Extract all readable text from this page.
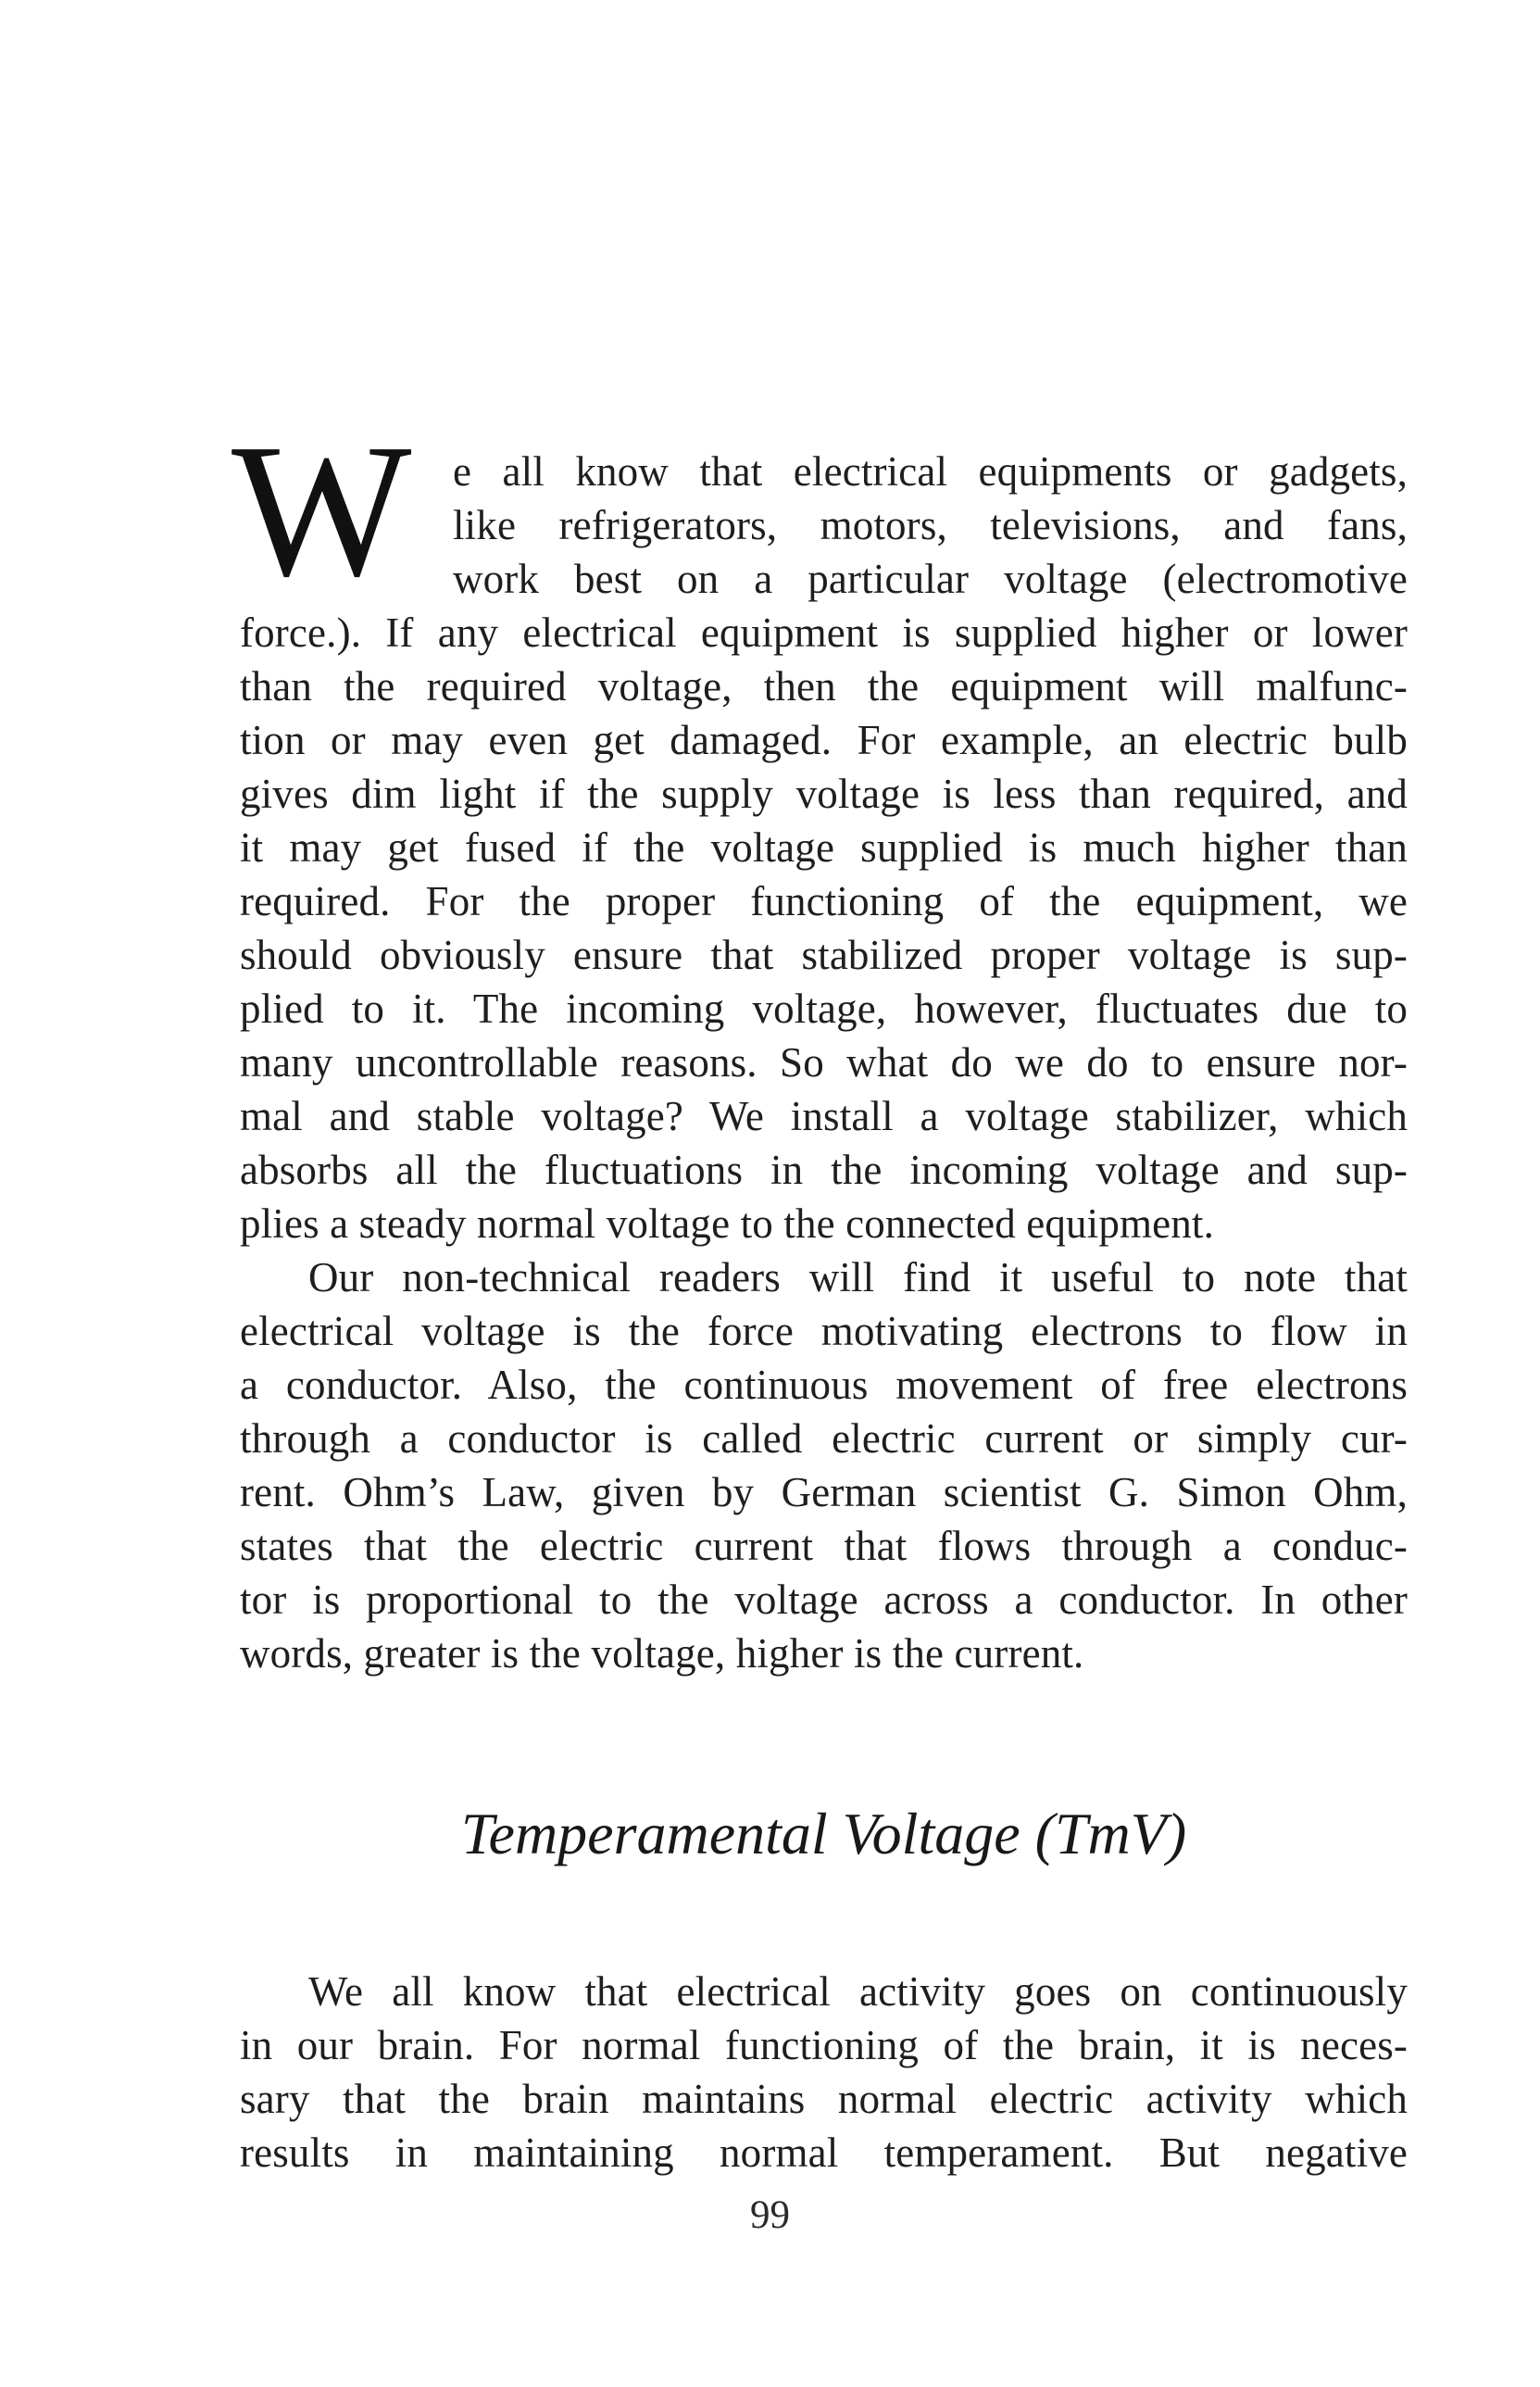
W e all know that electrical equipments or gadgets,

like refrigerators, motors, televisions, and fans,

work best on a particular voltage (electromotive

force.). If any electrical equipment is supplied higher or lower

than the required voltage, then the equipment will malfunc-

tion or may even get damaged. For example, an electric bulb

gives dim light if the supply voltage is less than required, and

it may get fused if the voltage supplied is much higher than

required. For the proper functioning of the equipment, we

should obviously ensure that stabilized proper voltage is sup-

plied to it. The incoming voltage, however, fluctuates due to

many uncontrollable reasons. So what do we do to ensure nor-

mal and stable voltage? We install a voltage stabilizer, which

absorbs all the fluctuations in the incoming voltage and sup-

plies a steady normal voltage to the connected equipment.

Our non-technical readers will find it useful to note that

electrical voltage is the force motivating electrons to flow in

a conductor. Also, the continuous movement of free electrons

through a conductor is called electric current or simply cur-

rent. Ohm’s Law, given by German scientist G. Simon Ohm,

states that the electric current that flows through a conduc-

tor is proportional to the voltage across a conductor. In other

words, greater is the voltage, higher is the current.

Temperamental Voltage (TmV)

We all know that electrical activity goes on continuously

in our brain. For normal functioning of the brain, it is neces-

sary that the brain maintains normal electric activity which

results in maintaining normal temperament. But negative

99
